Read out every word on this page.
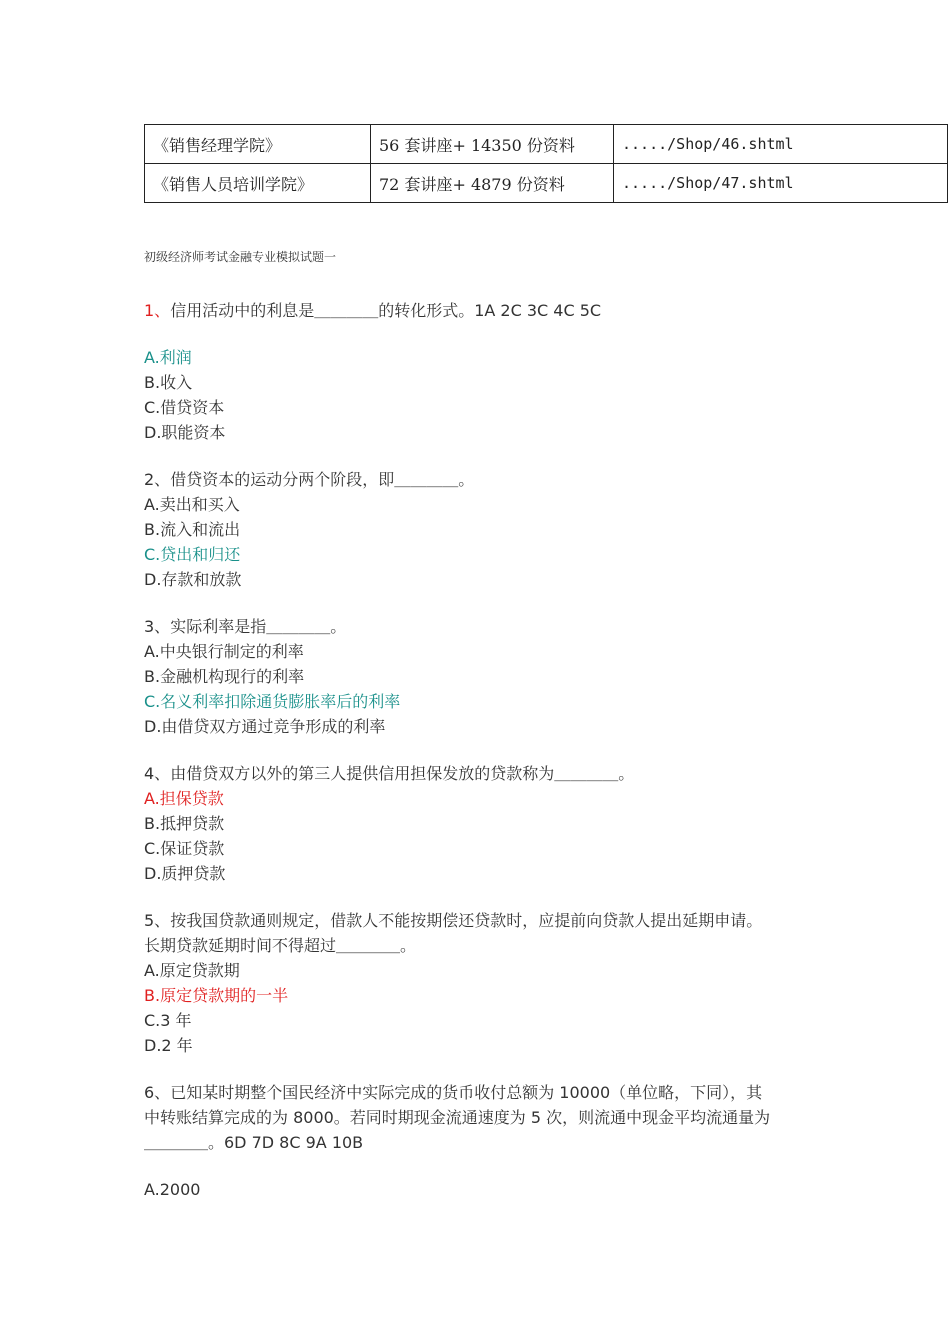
《销售经理学院》	56 套讲座+ 14350 份资料	...../Shop/46.shtml
《销售人员培训学院》	72 套讲座+ 4879 份资料	...../Shop/47.shtml
初级经济师考试金融专业模拟试题一
1、信用活动中的利息是＿＿＿＿的转化形式。1A 2C 3C 4C 5C
A.利润
B.收入
C.借贷资本
D.职能资本
2、借贷资本的运动分两个阶段，即＿＿＿＿。
A.卖出和买入
B.流入和流出
C.贷出和归还
D.存款和放款
3、实际利率是指＿＿＿＿。
A.中央银行制定的利率
B.金融机构现行的利率
C.名义利率扣除通货膨胀率后的利率
D.由借贷双方通过竞争形成的利率
4、由借贷双方以外的第三人提供信用担保发放的贷款称为＿＿＿＿。
A.担保贷款
B.抵押贷款
C.保证贷款
D.质押贷款
5、按我国贷款通则规定，借款人不能按期偿还贷款时，应提前向贷款人提出延期申请。
长期贷款延期时间不得超过＿＿＿＿。
A.原定贷款期
B.原定贷款期的一半
C.3 年
D.2 年
6、已知某时期整个国民经济中实际完成的货币收付总额为 10000（单位略，下同），其
中转账结算完成的为 8000。若同时期现金流通速度为 5 次，则流通中现金平均流通量为
＿＿＿＿。6D 7D 8C 9A 10B
A.2000
